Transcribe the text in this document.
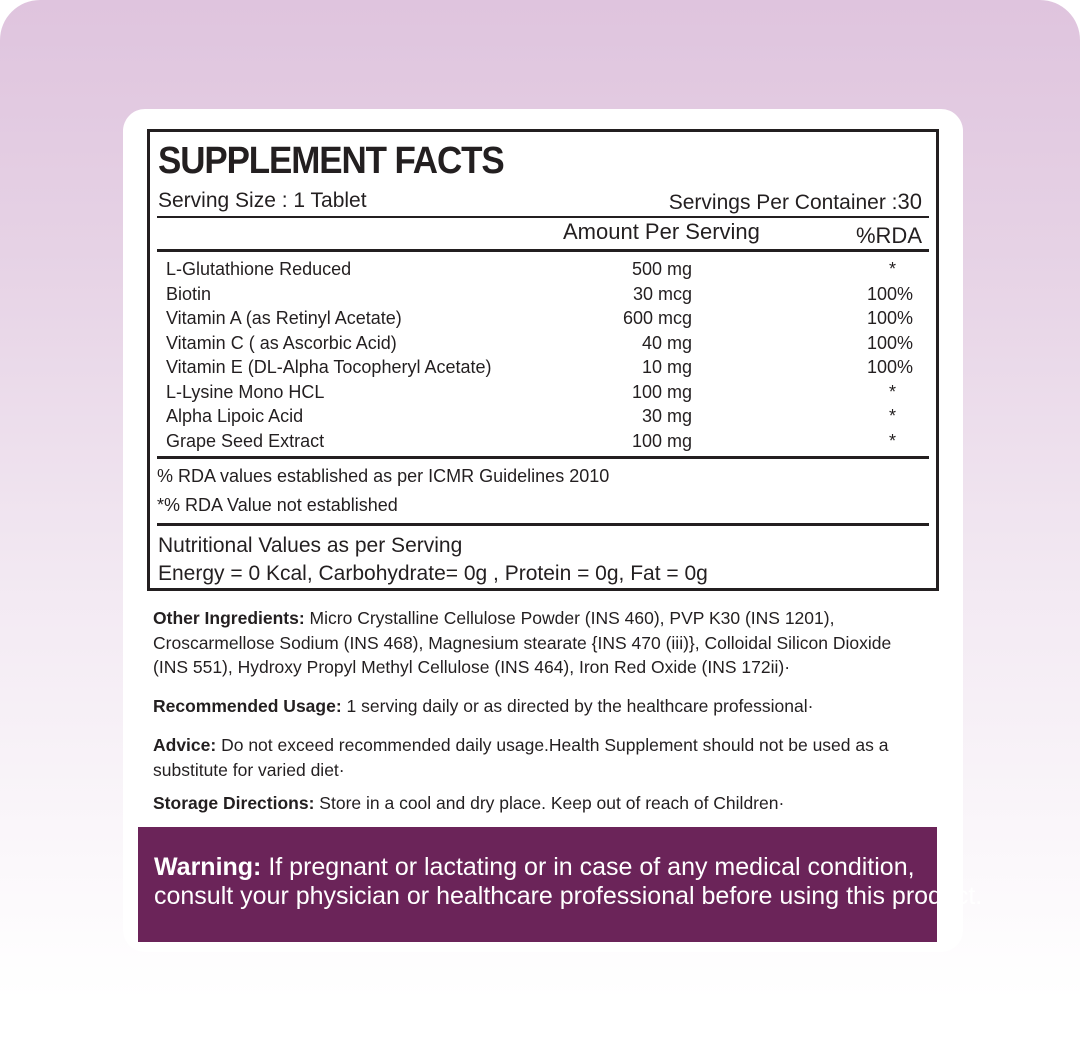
SUPPLEMENT FACTS
Serving Size : 1 Tablet	Servings Per Container :30
Amount Per Serving	%RDA
L-Glutathione Reduced	500 mg	*
Biotin	30 mcg	100%
Vitamin A (as Retinyl Acetate)	600 mcg	100%
Vitamin C ( as Ascorbic Acid)	40 mg	100%
Vitamin E (DL-Alpha Tocopheryl Acetate)	10 mg	100%
L-Lysine Mono HCL	100 mg	*
Alpha Lipoic Acid	30 mg	*
Grape Seed Extract	100 mg	*
% RDA values established as per ICMR Guidelines 2010
*% RDA Value not established
Nutritional Values as per Serving
Energy = 0 Kcal, Carbohydrate= 0g , Protein = 0g, Fat = 0g
Other Ingredients: Micro Crystalline Cellulose Powder (INS 460), PVP K30 (INS 1201), Croscarmellose Sodium (INS 468), Magnesium stearate {INS 470 (iii)}, Colloidal Silicon Dioxide (INS 551), Hydroxy Propyl Methyl Cellulose (INS 464), Iron Red Oxide (INS 172ii)·
Recommended Usage: 1 serving daily or as directed by the healthcare professional·
Advice: Do not exceed recommended daily usage.Health Supplement should not be used as a substitute for varied diet·
Storage Directions: Store in a cool and dry place. Keep out of reach of Children·
Warning: If pregnant or lactating or in case of any medical condition,
consult your physician or healthcare professional before using this product.
